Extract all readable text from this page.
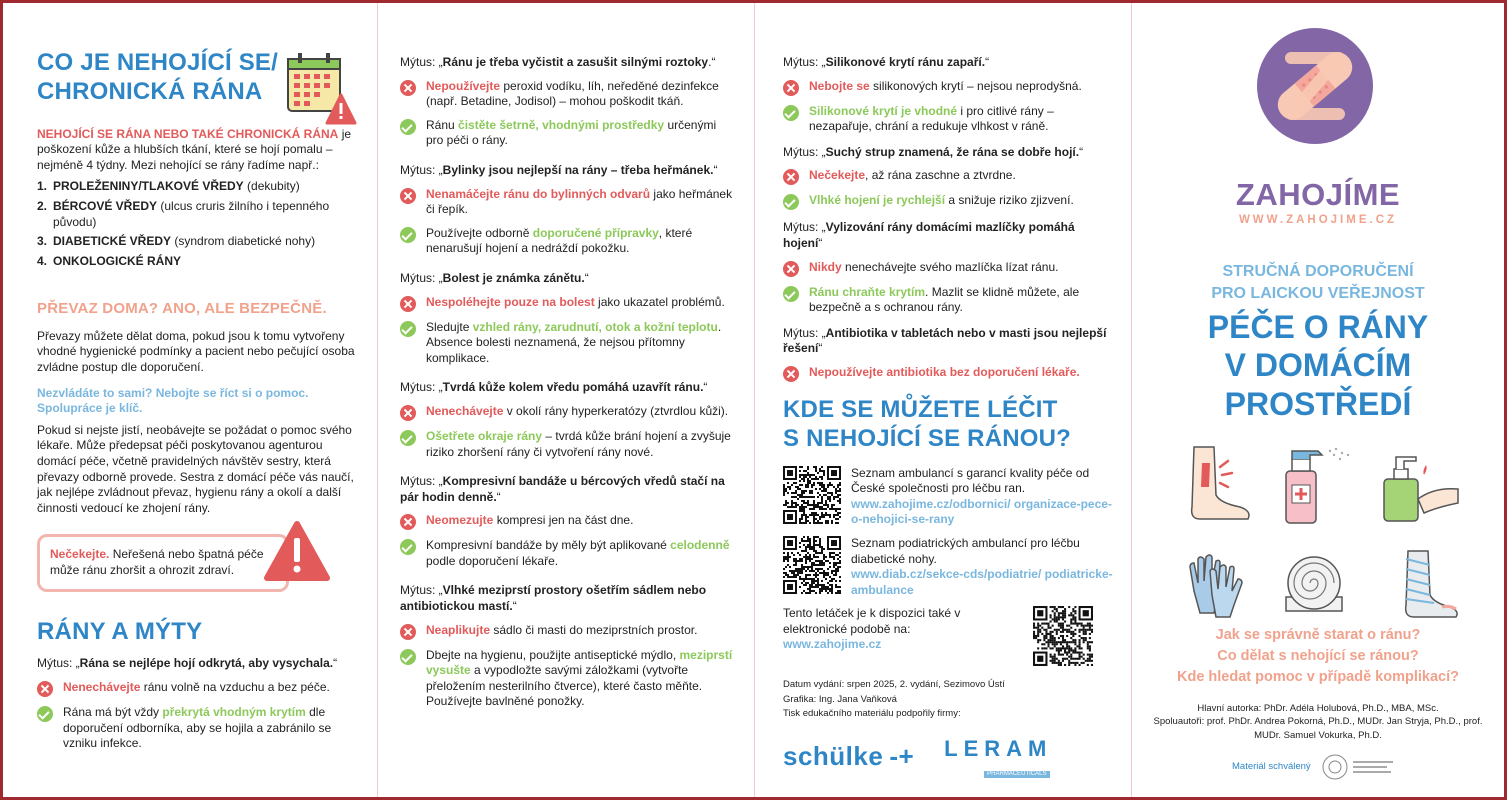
CO JE NEHOJÍCÍ SE/
CHRONICKÁ RÁNA

NEHOJÍCÍ SE RÁNA NEBO TAKÉ CHRONICKÁ RÁNA je poškození kůže a hlubších tkání, které se hojí pomalu – nejméně 4 týdny. Mezi nehojící se rány řadíme např.:

1. PROLEŽENINY/TLAKOVÉ VŘEDY (dekubity)
2. BÉRCOVÉ VŘEDY (ulcus cruris žilního i tepenného původu)
3. DIABETICKÉ VŘEDY (syndrom diabetické nohy)
4. ONKOLOGICKÉ RÁNY
PŘEVAZ DOMA? ANO, ALE BEZPEČNĚ.

Převazy můžete dělat doma, pokud jsou k tomu vytvořeny vhodné hygienické podmínky a pacient nebo pečující osoba zvládne postup dle doporučení.

Nezvládáte to sami? Nebojte se říct si o pomoc. Spolupráce je klíč.

Pokud si nejste jistí, neobávejte se požádat o pomoc svého lékaře. Může předepsat péči poskytovanou agenturou domácí péče, včetně pravidelných návštěv sestry, která převazy odborně provede. Sestra z domácí péče vás naučí, jak nejlépe zvládnout převaz, hygienu rány a okolí a další činnosti vedoucí ke zhojení rány.

Nečekejte. Neřešená nebo špatná péče může ránu zhoršit a ohrozit zdraví.
RÁNY A MÝTY

Mýtus: „Rána se nejlépe hojí odkrytá, aby vysychala.“

Nenechávejte ránu volně na vzduchu a bez péče.
Rána má být vždy překrytá vhodným krytím dle doporučení odborníka, aby se hojila a zabránilo se vzniku infekce.

Mýtus: „Ránu je třeba vyčistit a zasušit silnými roztoky.“

Nepoužívejte peroxid vodíku, líh, neředěné dezinfekce (např. Betadine, Jodisol) – mohou poškodit tkáň.
Ránu čistěte šetrně, vhodnými prostředky určenými pro péči o rány.

Mýtus: „Bylinky jsou nejlepší na rány – třeba heřmánek.“

Nenamáčejte ránu do bylinných odvarů jako heřmánek či řepík.
Používejte odborně doporučené přípravky, které nenarušují hojení a nedráždí pokožku.

Mýtus: „Bolest je známka zánětu.“

Nespoléhejte pouze na bolest jako ukazatel problémů.
Sledujte vzhled rány, zarudnutí, otok a kožní teplotu. Absence bolesti neznamená, že nejsou přítomny komplikace.

Mýtus: „Tvrdá kůže kolem vředu pomáhá uzavřít ránu.“

Nenechávejte v okolí rány hyperkeratózy (ztvrdlou kůži).
Ošetřete okraje rány – tvrdá kůže brání hojení a zvyšuje riziko zhoršení rány či vytvoření rány nové.

Mýtus: „Kompresivní bandáže u bércových vředů stačí na pár hodin denně.“

Neomezujte kompresi jen na část dne.
Kompresivní bandáže by měly být aplikované celodenně podle doporučení lékaře.

Mýtus: „Vlhké meziprstí prostory ošetřím sádlem nebo antibiotickou mastí.“

Neaplikujte sádlo či masti do meziprstních prostor.
Dbejte na hygienu, použijte antiseptické mýdlo, meziprstí vysušte a vypodložte savými záložkami (vytvořte přeložením nesterilního čtverce), které často měňte. Používejte bavlněné ponožky.

Mýtus: „Silikonové krytí ránu zapaří.“

Nebojte se silikonových krytí – nejsou neprodyšná.
Silikonové krytí je vhodné i pro citlivé rány – nezapařuje, chrání a redukuje vlhkost v ráně.

Mýtus: „Suchý strup znamená, že rána se dobře hojí.“

Nečekejte, až rána zaschne a ztvrdne.
Vlhké hojení je rychlejší a snižuje riziko zjizvení.

Mýtus: „Vylizování rány domácími mazlíčky pomáhá hojení“

Nikdy nenechávejte svého mazlíčka lízat ránu.
Ránu chraňte krytím. Mazlit se klidně můžete, ale bezpečně a s ochranou rány.

Mýtus: „Antibiotika v tabletách nebo v masti jsou nejlepší řešení“

Nepoužívejte antibiotika bez doporučení lékaře.
KDE SE MŮŽETE LÉČIT
S NEHOJÍCÍ SE RÁNOU?
Seznam ambulancí s garancí kvality péče od České společnosti pro léčbu ran.
www.zahojime.cz/odbornici/ organizace-pece-o-nehojici-se-rany
Seznam podiatrických ambulancí pro léčbu diabetické nohy.
www.diab.cz/sekce-cds/podiatrie/ podiatricke-ambulance
Tento letáček je k dispozici také v elektronické podobě na:
www.zahojime.cz
Datum vydání: srpen 2025, 2. vydání, Sezimovo Ústí
Grafika: Ing. Jana Vaňková
Tisk edukačního materiálu podpořily firmy:
schülke -+ LERAM
PHARMACEUTICALS
ZAHOJÍME
WWW.ZAHOJIME.CZ
STRUČNÁ DOPORUČENÍ
PRO LAICKOU VEŘEJNOST
PÉČE O RÁNY
V DOMÁCÍM
PROSTŘEDÍ
Jak se správně starat o ránu?
Co dělat s nehojící se ránou?
Kde hledat pomoc v případě komplikací?
Hlavní autorka: PhDr. Adéla Holubová, Ph.D., MBA, MSc.
Spoluautoři: prof. PhDr. Andrea Pokorná, Ph.D., MUDr. Jan Stryja, Ph.D., prof. MUDr. Samuel Vokurka, Ph.D.
Materiál schválený
